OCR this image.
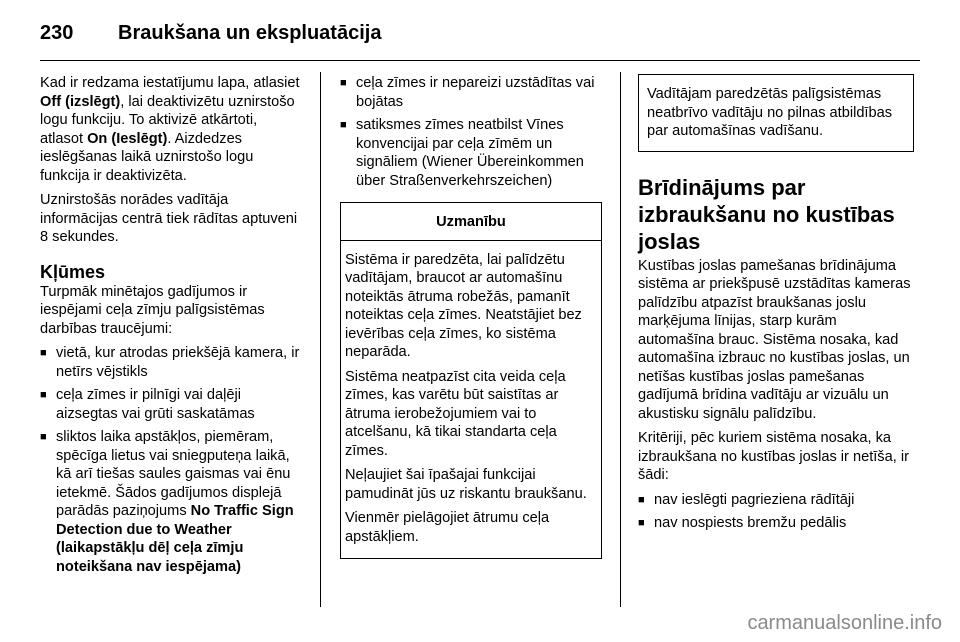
230	Braukšana un ekspluatācija

Kad ir redzama iestatījumu lapa, atlasiet Off (izslēgt), lai deaktivizētu uznirstošo logu funkciju. To aktivizē atkārtoti, atlasot On (Ieslēgt). Aizdedzes ieslēgšanas laikā uznirstošo logu funkcija ir deaktivizēta.

Uznirstošās norādes vadītāja informācijas centrā tiek rādītas aptuveni 8 sekundes.

Kļūmes

Turpmāk minētajos gadījumos ir iespējami ceļa zīmju palīgsistēmas darbības traucējumi:

■ vietā, kur atrodas priekšējā kamera, ir netīrs vējstikls
■ ceļa zīmes ir pilnīgi vai daļēji aizsegtas vai grūti saskatāmas
■ sliktos laika apstākļos, piemēram, spēcīga lietus vai sniegputeņa laikā, kā arī tiešas saules gaismas vai ēnu ietekmē. Šādos gadījumos displejā parādās paziņojums No Traffic Sign Detection due to Weather (laikapstākļu dēļ ceļa zīmju noteikšana nav iespējama)
■ ceļa zīmes ir nepareizi uzstādītas vai bojātas
■ satiksmes zīmes neatbilst Vīnes konvencijai par ceļa zīmēm un signāliem (Wiener Übereinkommen über Straßenverkehrszeichen)
Uzmanību

Sistēma ir paredzēta, lai palīdzētu vadītājam, braucot ar automašīnu noteiktās ātruma robežās, pamanīt noteiktas ceļa zīmes. Neatstājiet bez ievērības ceļa zīmes, ko sistēma neparāda.

Sistēma neatpazīst cita veida ceļa zīmes, kas varētu būt saistītas ar ātruma ierobežojumiem vai to atcelšanu, kā tikai standarta ceļa zīmes.

Neļaujiet šai īpašajai funkcijai pamudināt jūs uz riskantu braukšanu.

Vienmēr pielāgojiet ātrumu ceļa apstākļiem.

Vadītājam paredzētās palīgsistēmas neatbrīvo vadītāju no pilnas atbildības par automašīnas vadīšanu.

Brīdinājums par izbraukšanu no kustības joslas

Kustības joslas pamešanas brīdinājuma sistēma ar priekšpusē uzstādītas kameras palīdzību atpazīst braukšanas joslu marķējuma līnijas, starp kurām automašīna brauc. Sistēma nosaka, kad automašīna izbrauc no kustības joslas, un netīšas kustības joslas pamešanas gadījumā brīdina vadītāju ar vizuālu un akustisku signālu palīdzību.

Kritēriji, pēc kuriem sistēma nosaka, ka izbraukšana no kustības joslas ir netīša, ir šādi:

■ nav ieslēgti pagrieziena rādītāji
■ nav nospiests bremžu pedālis
carmanualsonline.info
